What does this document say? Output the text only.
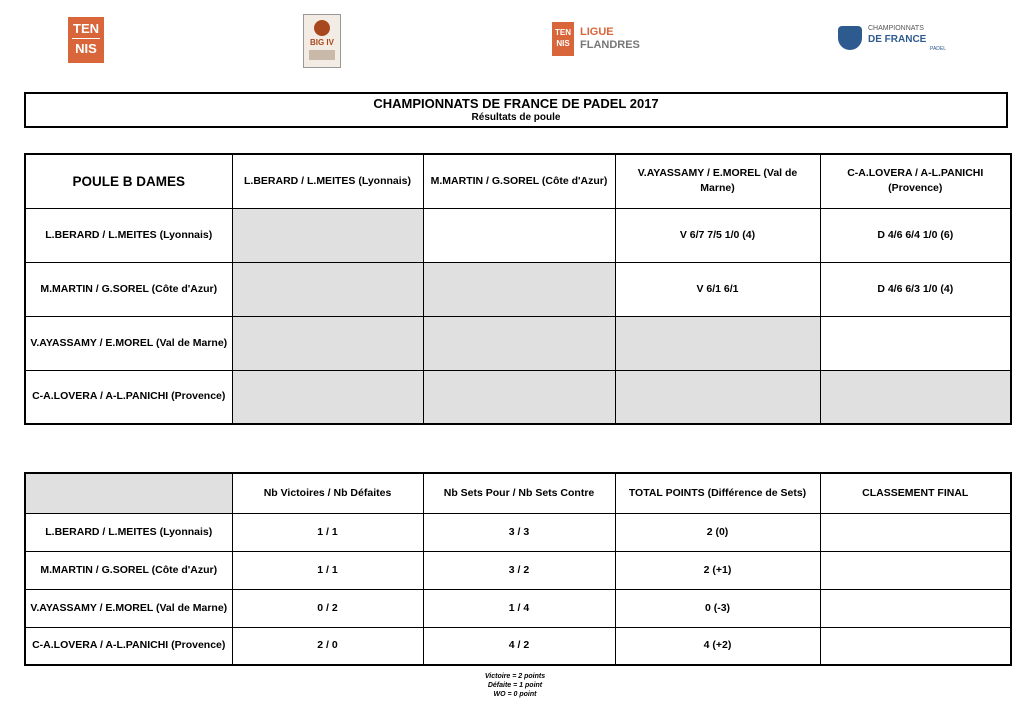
TEN
NIS	BIG IV
TEN
NIS
LIGUE
FLANDRES
CHAMPIONNATS
DE FRANCE
PADEL
CHAMPIONNATS DE FRANCE DE PADEL 2017
Résultats de poule
POULE B DAMES	L.BERARD / L.MEITES (Lyonnais)	M.MARTIN / G.SOREL (Côte d'Azur)	V.AYASSAMY / E.MOREL (Val de Marne)	C-A.LOVERA / A-L.PANICHI (Provence)
L.BERARD / L.MEITES (Lyonnais)			V 6/7 7/5 1/0 (4)	D 4/6 6/4 1/0 (6)
M.MARTIN / G.SOREL (Côte d'Azur)			V 6/1 6/1	D 4/6 6/3 1/0 (4)
V.AYASSAMY / E.MOREL (Val de Marne)				
C-A.LOVERA / A-L.PANICHI (Provence)				
	Nb Victoires / Nb Défaites	Nb Sets Pour / Nb Sets Contre	TOTAL POINTS (Différence de Sets)	CLASSEMENT FINAL
L.BERARD / L.MEITES (Lyonnais)	1 / 1	3 / 3	2 (0)	
M.MARTIN / G.SOREL (Côte d'Azur)	1 / 1	3 / 2	2 (+1)	
V.AYASSAMY / E.MOREL (Val de Marne)	0 / 2	1 / 4	0 (-3)	
C-A.LOVERA / A-L.PANICHI (Provence)	2 / 0	4 / 2	4 (+2)	
Victoire = 2 points
Défaite = 1 point
WO = 0 point
